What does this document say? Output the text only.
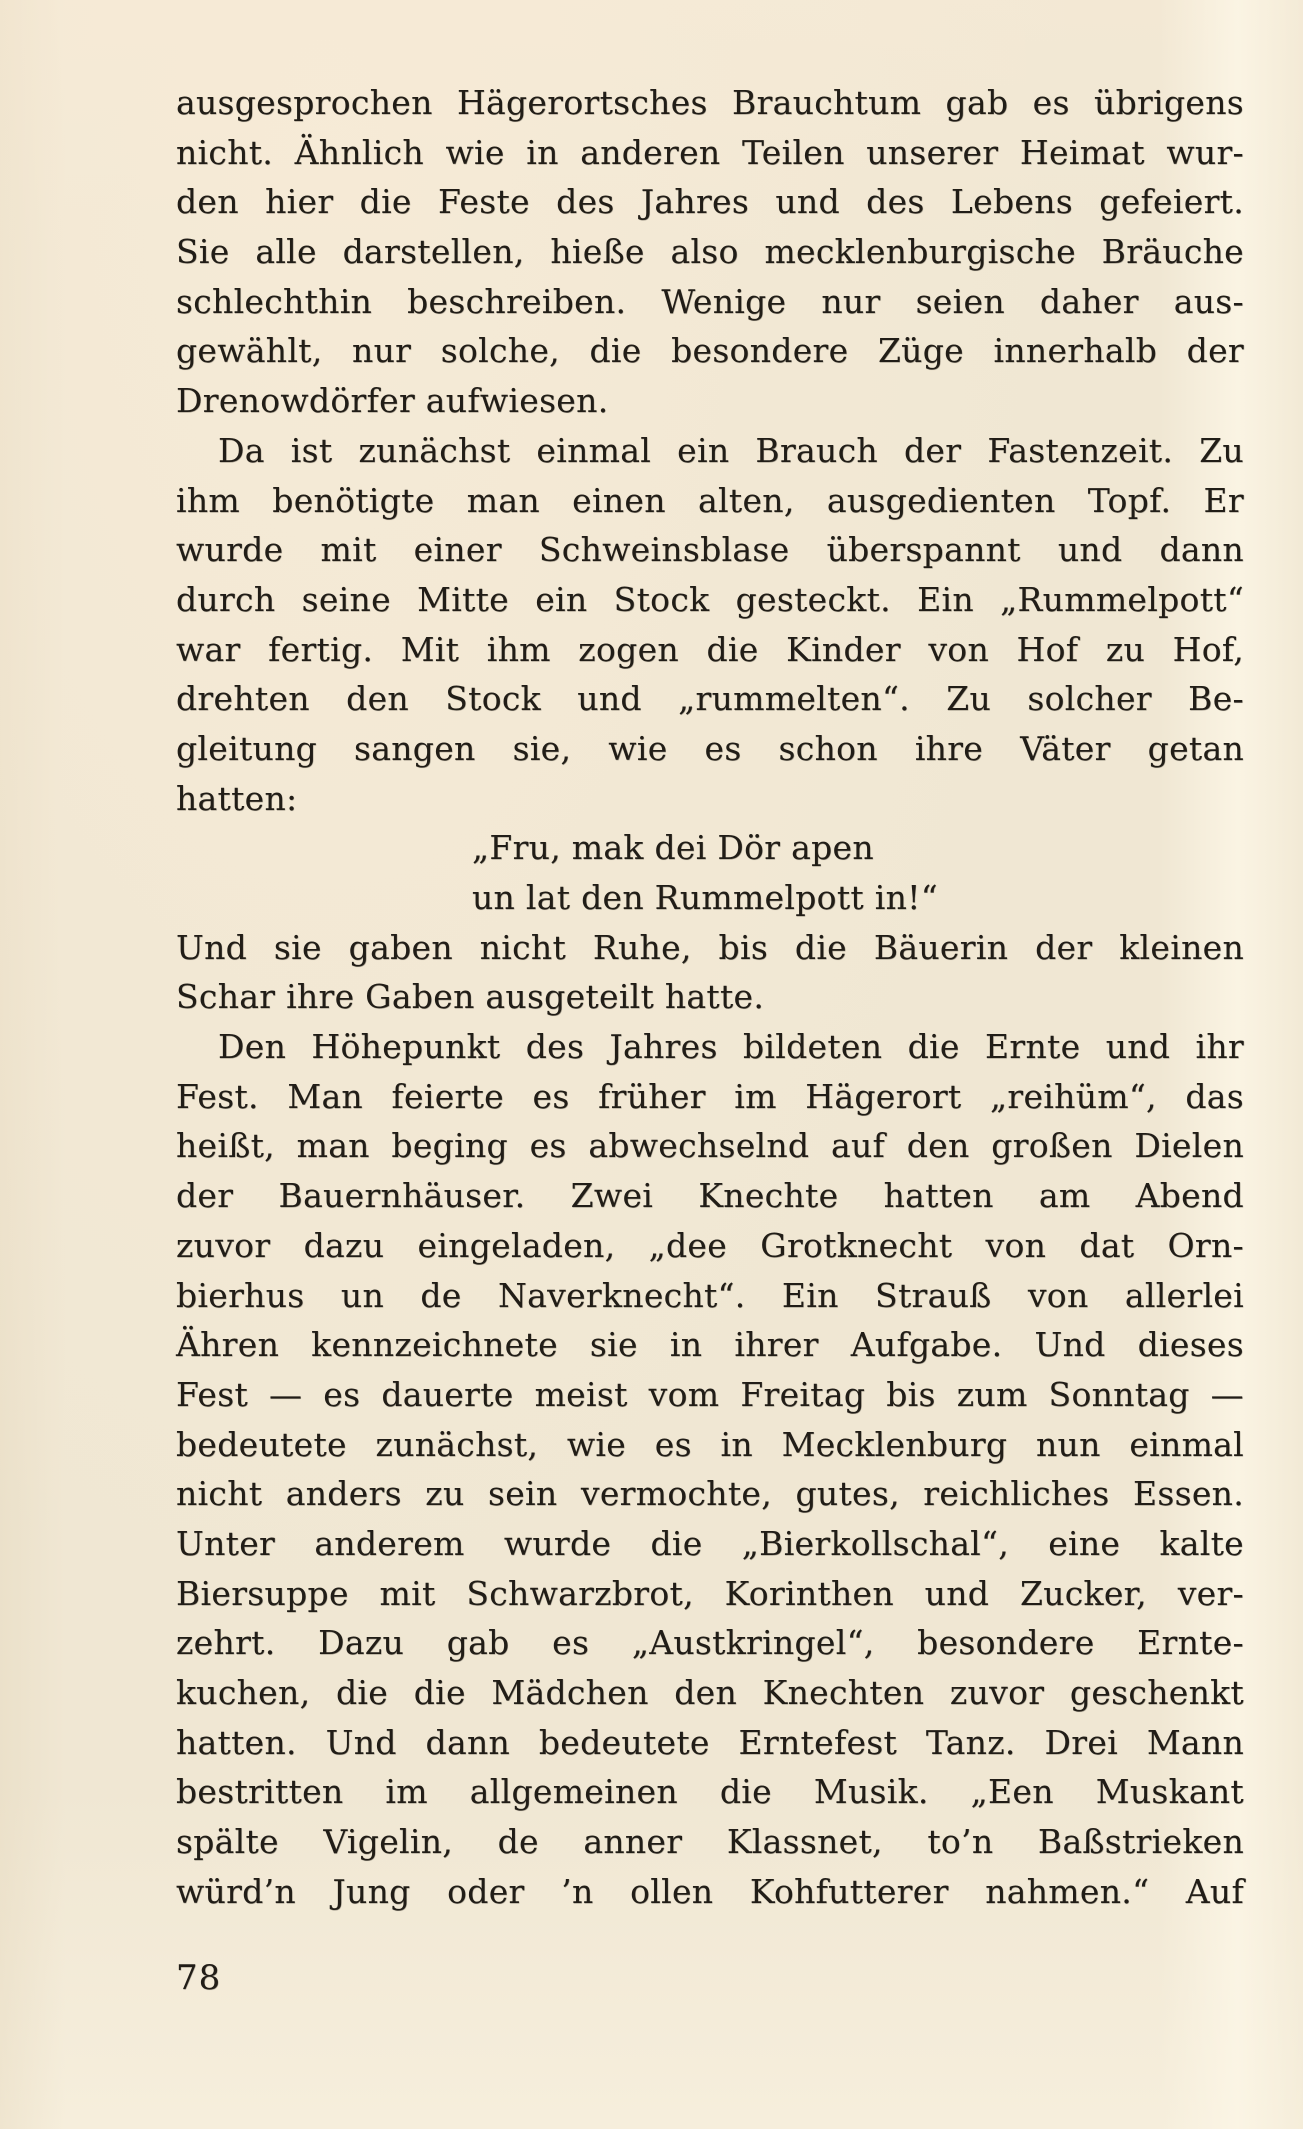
ausgesprochen Hägerortsches Brauchtum gab es übrigens
nicht. Ähnlich wie in anderen Teilen unserer Heimat wur-
den hier die Feste des Jahres und des Lebens gefeiert.
Sie alle darstellen, hieße also mecklenburgische Bräuche
schlechthin beschreiben. Wenige nur seien daher aus-
gewählt, nur solche, die besondere Züge innerhalb der
Drenowdörfer aufwiesen.
Da ist zunächst einmal ein Brauch der Fastenzeit. Zu
ihm benötigte man einen alten, ausgedienten Topf. Er
wurde mit einer Schweinsblase überspannt und dann
durch seine Mitte ein Stock gesteckt. Ein „Rummelpott“
war fertig. Mit ihm zogen die Kinder von Hof zu Hof,
drehten den Stock und „rummelten“. Zu solcher Be-
gleitung sangen sie, wie es schon ihre Väter getan
hatten:
„Fru, mak dei Dör apen
un lat den Rummelpott in!“
Und sie gaben nicht Ruhe, bis die Bäuerin der kleinen
Schar ihre Gaben ausgeteilt hatte.
Den Höhepunkt des Jahres bildeten die Ernte und ihr
Fest. Man feierte es früher im Hägerort „reihüm“, das
heißt, man beging es abwechselnd auf den großen Dielen
der Bauernhäuser. Zwei Knechte hatten am Abend
zuvor dazu eingeladen, „dee Grotknecht von dat Orn-
bierhus un de Naverknecht“. Ein Strauß von allerlei
Ähren kennzeichnete sie in ihrer Aufgabe. Und dieses
Fest — es dauerte meist vom Freitag bis zum Sonntag —
bedeutete zunächst, wie es in Mecklenburg nun einmal
nicht anders zu sein vermochte, gutes, reichliches Essen.
Unter anderem wurde die „Bierkollschal“, eine kalte
Biersuppe mit Schwarzbrot, Korinthen und Zucker, ver-
zehrt. Dazu gab es „Austkringel“, besondere Ernte-
kuchen, die die Mädchen den Knechten zuvor geschenkt
hatten. Und dann bedeutete Erntefest Tanz. Drei Mann
bestritten im allgemeinen die Musik. „Een Muskant
spälte Vigelin, de anner Klassnet, to’n Baßstrieken
würd’n Jung oder ’n ollen Kohfutterer nahmen.“ Auf
78
